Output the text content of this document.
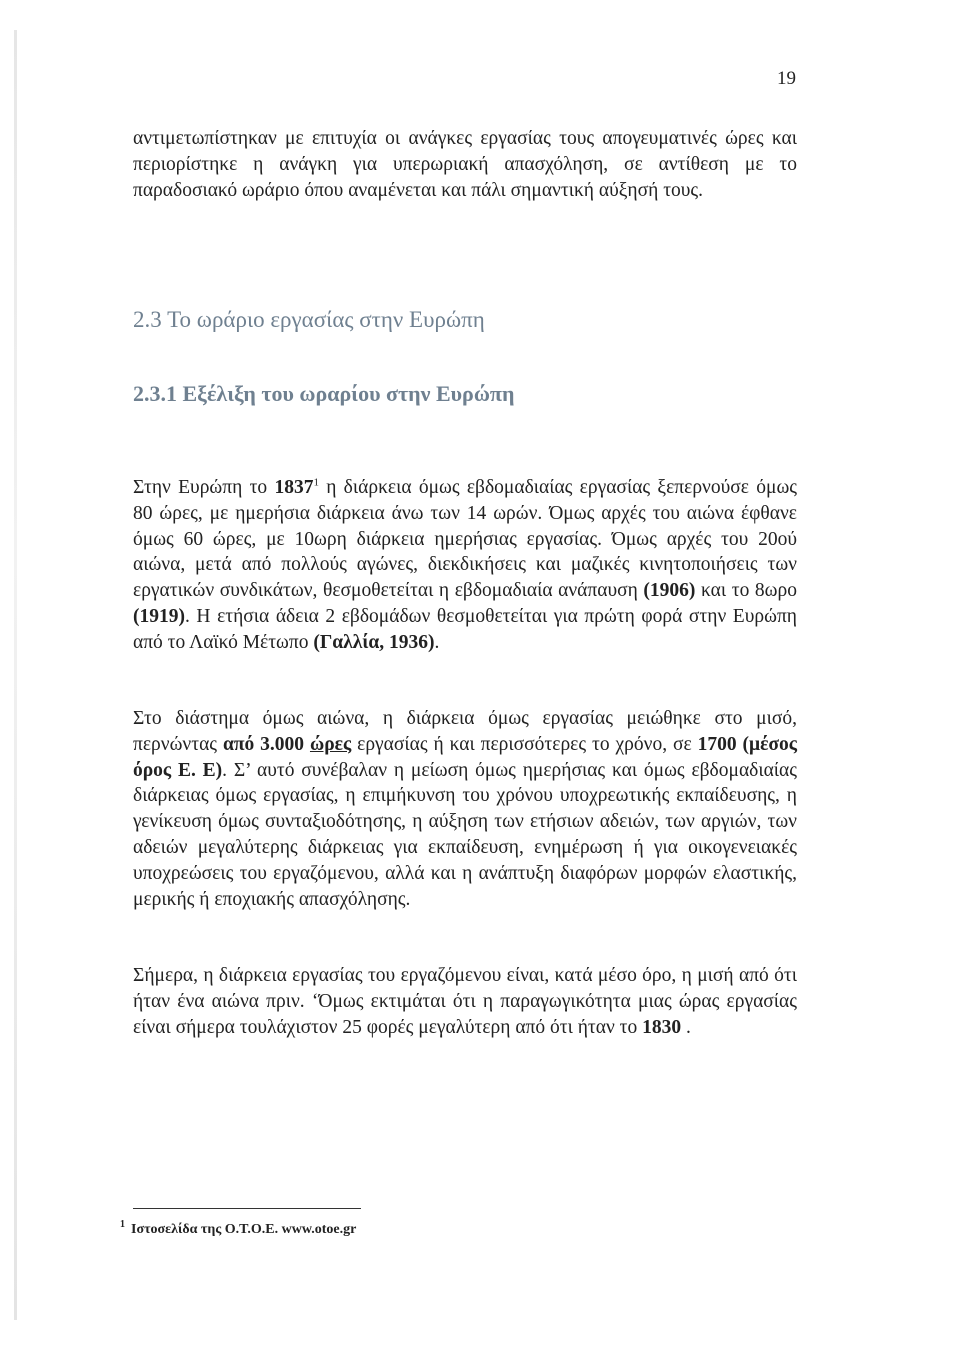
19

αντιμετωπίστηκαν με επιτυχία οι ανάγκες εργασίας τους απογευματινές ώρες και περιορίστηκε η ανάγκη για υπερωριακή απασχόληση, σε αντίθεση με το παραδοσιακό ωράριο όπου αναμένεται και πάλι σημαντική αύξησή τους.

2.3 Το ωράριο εργασίας στην Ευρώπη
2.3.1 Εξέλιξη του ωραρίου στην Ευρώπη

Στην Ευρώπη το 1837$^1$ η διάρκεια όμως εβδομαδιαίας εργασίας ξεπερνούσε όμως 80 ώρες, με ημερήσια διάρκεια άνω των 14 ωρών. Όμως αρχές του αιώνα έφθανε όμως 60 ώρες, με 10ωρη διάρκεια ημερήσιας εργασίας. Όμως αρχές του 20ού αιώνα, μετά από πολλούς αγώνες, διεκδικήσεις και μαζικές κινητοποιήσεις των εργατικών συνδικάτων, θεσμοθετείται η εβδομαδιαία ανάπαυση (1906) και το 8ωρο (1919). Η ετήσια άδεια 2 εβδομάδων θεσμοθετείται για πρώτη φορά στην Ευρώπη από το Λαϊκό Μέτωπο (Γαλλία, 1936).

Στο διάστημα όμως αιώνα, η διάρκεια όμως εργασίας μειώθηκε στο μισό, περνώντας από 3.000 ώρες εργασίας ή και περισσότερες το χρόνο, σε 1700 (μέσος όρος Ε. Ε). Σ’ αυτό συνέβαλαν η μείωση όμως ημερήσιας και όμως εβδομαδιαίας διάρκειας όμως εργασίας, η επιμήκυνση του χρόνου υποχρεωτικής εκπαίδευσης, η γενίκευση όμως συνταξιοδότησης, η αύξηση των ετήσιων αδειών, των αργιών, των αδειών μεγαλύτερης διάρκειας για εκπαίδευση, ενημέρωση ή για οικογενειακές υποχρεώσεις του εργαζόμενου, αλλά και η ανάπτυξη διαφόρων μορφών ελαστικής, μερικής ή εποχιακής απασχόλησης.

Σήμερα, η διάρκεια εργασίας του εργαζόμενου είναι, κατά μέσο όρο, η μισή από ότι ήταν ένα αιώνα πριν. ‘Όμως εκτιμάται ότι η παραγωγικότητα μιας ώρας εργασίας είναι σήμερα τουλάχιστον 25 φορές μεγαλύτερη από ότι ήταν το 1830 .

$^1$ Ιστοσελίδα της Ο.Τ.Ο.Ε. www.otoe.gr
